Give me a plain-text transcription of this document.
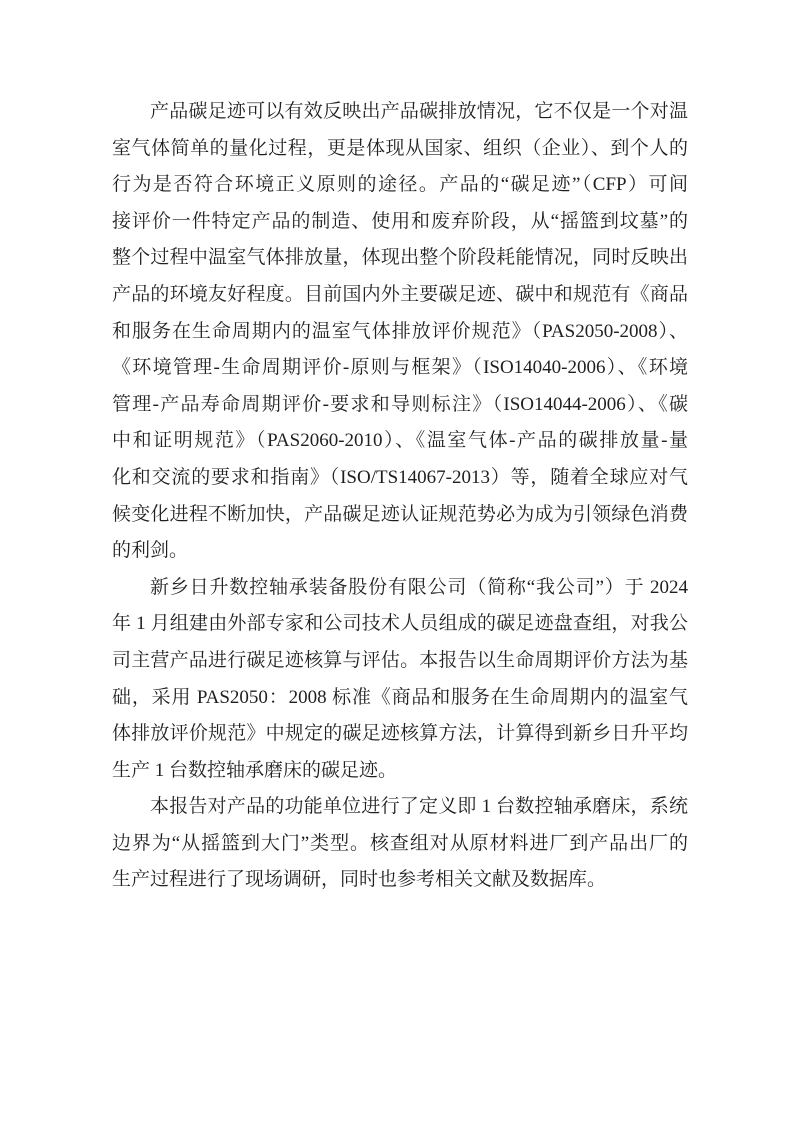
产品碳足迹可以有效反映出产品碳排放情况，它不仅是一个对温
室气体简单的量化过程，更是体现从国家、组织（企业）、到个人的
行为是否符合环境正义原则的途径。产品的“碳足迹”（CFP）可间
接评价一件特定产品的制造、使用和废弃阶段，从“摇篮到坟墓”的
整个过程中温室气体排放量，体现出整个阶段耗能情况，同时反映出
产品的环境友好程度。目前国内外主要碳足迹、碳中和规范有《商品
和服务在生命周期内的温室气体排放评价规范》（PAS2050-2008）、
《环境管理-生命周期评价-原则与框架》（ISO14040-2006）、《环境
管理-产品寿命周期评价-要求和导则标注》（ISO14044-2006）、《碳
中和证明规范》（PAS2060-2010）、《温室气体-产品的碳排放量-量
化和交流的要求和指南》（ISO/TS14067-2013）等，随着全球应对气
候变化进程不断加快，产品碳足迹认证规范势必为成为引领绿色消费
的利剑。
新乡日升数控轴承装备股份有限公司（简称“我公司”）于 2024
年 1 月组建由外部专家和公司技术人员组成的碳足迹盘查组，对我公
司主营产品进行碳足迹核算与评估。本报告以生命周期评价方法为基
础，采用 PAS2050：2008 标准《商品和服务在生命周期内的温室气
体排放评价规范》中规定的碳足迹核算方法，计算得到新乡日升平均
生产 1 台数控轴承磨床的碳足迹。
本报告对产品的功能单位进行了定义即 1 台数控轴承磨床，系统
边界为“从摇篮到大门”类型。核查组对从原材料进厂到产品出厂的
生产过程进行了现场调研，同时也参考相关文献及数据库。
